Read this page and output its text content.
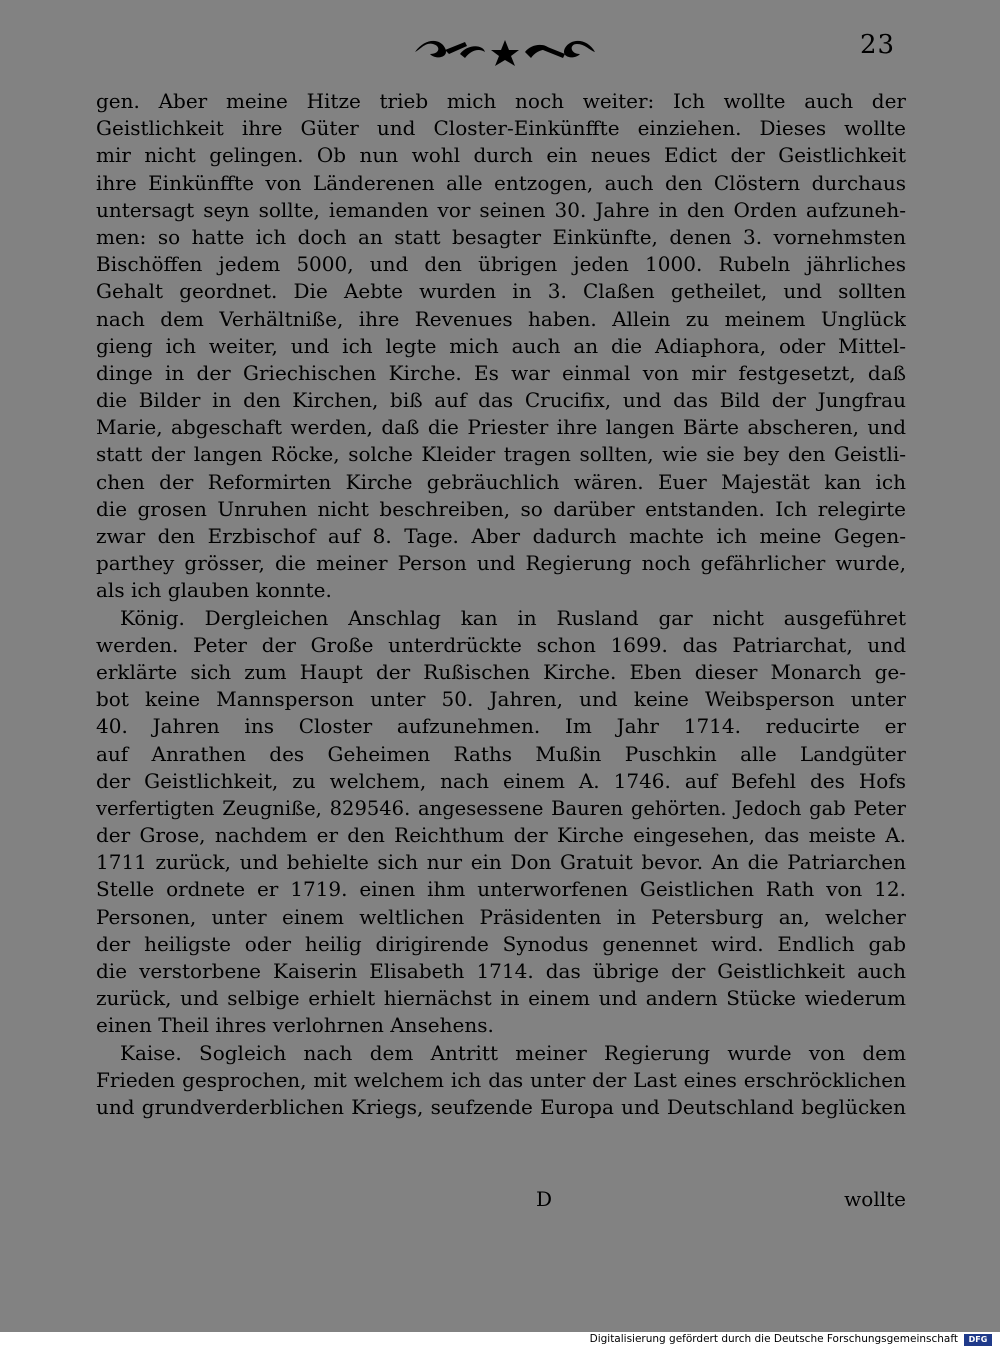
23
gen. Aber meine Hitze trieb mich noch weiter: Ich wollte auch der
Geistlichkeit ihre Güter und Closter-Einkünffte einziehen. Dieses wollte
mir nicht gelingen. Ob nun wohl durch ein neues Edict der Geistlichkeit
ihre Einkünffte von Länderenen alle entzogen, auch den Clöstern durchaus
untersagt seyn sollte, iemanden vor seinen 30. Jahre in den Orden aufzuneh-
men: so hatte ich doch an statt besagter Einkünfte, denen 3. vornehmsten
Bischöffen jedem 5000, und den übrigen jeden 1000. Rubeln jährliches
Gehalt geordnet. Die Aebte wurden in 3. Claßen getheilet, und sollten
nach dem Verhältniße, ihre Revenues haben. Allein zu meinem Unglück
gieng ich weiter, und ich legte mich auch an die Adiaphora, oder Mittel-
dinge in der Griechischen Kirche. Es war einmal von mir festgesetzt, daß
die Bilder in den Kirchen, biß auf das Crucifix, und das Bild der Jungfrau
Marie, abgeschaft werden, daß die Priester ihre langen Bärte abscheren, und
statt der langen Röcke, solche Kleider tragen sollten, wie sie bey den Geistli-
chen der Reformirten Kirche gebräuchlich wären. Euer Majestät kan ich
die grosen Unruhen nicht beschreiben, so darüber entstanden. Ich relegirte
zwar den Erzbischof auf 8. Tage. Aber dadurch machte ich meine Gegen-
parthey grösser, die meiner Person und Regierung noch gefährlicher wurde,
als ich glauben konnte.
König. Dergleichen Anschlag kan in Rusland gar nicht ausgeführet
werden. Peter der Große unterdrückte schon 1699. das Patriarchat, und
erklärte sich zum Haupt der Rußischen Kirche. Eben dieser Monarch ge-
bot keine Mannsperson unter 50. Jahren, und keine Weibsperson unter
40. Jahren ins Closter aufzunehmen. Im Jahr 1714. reducirte er
auf Anrathen des Geheimen Raths Mußin Puschkin alle Landgüter
der Geistlichkeit, zu welchem, nach einem A. 1746. auf Befehl des Hofs
verfertigten Zeugniße, 829546. angesessene Bauren gehörten. Jedoch gab Peter
der Grose, nachdem er den Reichthum der Kirche eingesehen, das meiste A.
1711 zurück, und behielte sich nur ein Don Gratuit bevor. An die Patriarchen
Stelle ordnete er 1719. einen ihm unterworfenen Geistlichen Rath von 12.
Personen, unter einem weltlichen Präsidenten in Petersburg an, welcher
der heiligste oder heilig dirigirende Synodus genennet wird. Endlich gab
die verstorbene Kaiserin Elisabeth 1714. das übrige der Geistlichkeit auch
zurück, und selbige erhielt hiernächst in einem und andern Stücke wiederum
einen Theil ihres verlohrnen Ansehens.
Kaise. Sogleich nach dem Antritt meiner Regierung wurde von dem
Frieden gesprochen, mit welchem ich das unter der Last eines erschröcklichen
und grundverderblichen Kriegs, seufzende Europa und Deutschland beglücken
D	wollte
Digitalisierung gefördert durch die Deutsche Forschungsgemeinschaft	DFG
